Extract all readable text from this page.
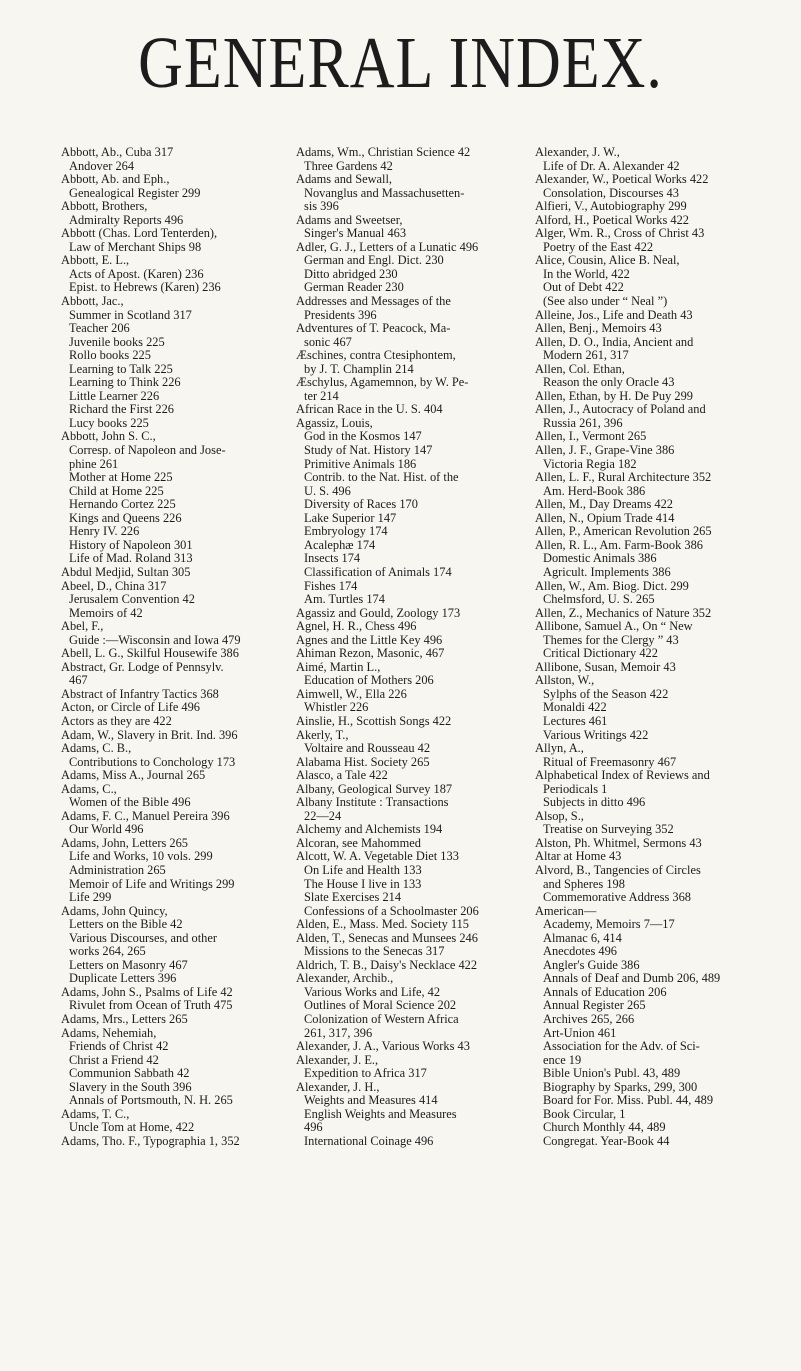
GENERAL INDEX.
Abbott, Ab., Cuba 317
Andover 264
Abbott, Ab. and Eph.,
Genealogical Register 299
Abbott, Brothers,
Admiralty Reports 496
Abbott (Chas. Lord Tenterden),
Law of Merchant Ships 98
Abbott, E. L.,
Acts of Apost. (Karen) 236
Epist. to Hebrews (Karen) 236
Abbott, Jac.,
Summer in Scotland 317
Teacher 206
Juvenile books 225
Rollo books 225
Learning to Talk 225
Learning to Think 226
Little Learner 226
Richard the First 226
Lucy books 225
Abbott, John S. C.,
Corresp. of Napoleon and Jose-
phine 261
Mother at Home 225
Child at Home 225
Hernando Cortez 225
Kings and Queens 226
Henry IV. 226
History of Napoleon 301
Life of Mad. Roland 313
Abdul Medjid, Sultan 305
Abeel, D., China 317
Jerusalem Convention 42
Memoirs of 42
Abel, F.,
Guide :—Wisconsin and Iowa 479
Abell, L. G., Skilful Housewife 386
Abstract, Gr. Lodge of Pennsylv.
467
Abstract of Infantry Tactics 368
Acton, or Circle of Life 496
Actors as they are 422
Adam, W., Slavery in Brit. Ind. 396
Adams, C. B.,
Contributions to Conchology 173
Adams, Miss A., Journal 265
Adams, C.,
Women of the Bible 496
Adams, F. C., Manuel Pereira 396
Our World 496
Adams, John, Letters 265
Life and Works, 10 vols. 299
Administration 265
Memoir of Life and Writings 299
Life 299
Adams, John Quincy,
Letters on the Bible 42
Various Discourses, and other
works 264, 265
Letters on Masonry 467
Duplicate Letters 396
Adams, John S., Psalms of Life 42
Rivulet from Ocean of Truth 475
Adams, Mrs., Letters 265
Adams, Nehemiah,
Friends of Christ 42
Christ a Friend 42
Communion Sabbath 42
Slavery in the South 396
Annals of Portsmouth, N. H. 265
Adams, T. C.,
Uncle Tom at Home, 422
Adams, Tho. F., Typographia 1, 352
Adams, Wm., Christian Science 42
Three Gardens 42
Adams and Sewall,
Novanglus and Massachusetten-
sis 396
Adams and Sweetser,
Singer's Manual 463
Adler, G. J., Letters of a Lunatic 496
German and Engl. Dict. 230
Ditto abridged 230
German Reader 230
Addresses and Messages of the
Presidents 396
Adventures of T. Peacock, Ma-
sonic 467
Æschines, contra Ctesiphontem,
by J. T. Champlin 214
Æschylus, Agamemnon, by W. Pe-
ter 214
African Race in the U. S. 404
Agassiz, Louis,
God in the Kosmos 147
Study of Nat. History 147
Primitive Animals 186
Contrib. to the Nat. Hist. of the
U. S. 496
Diversity of Races 170
Lake Superior 147
Embryology 174
Acalephæ 174
Insects 174
Classification of Animals 174
Fishes 174
Am. Turtles 174
Agassiz and Gould, Zoology 173
Agnel, H. R., Chess 496
Agnes and the Little Key 496
Ahiman Rezon, Masonic, 467
Aimé, Martin L.,
Education of Mothers 206
Aimwell, W., Ella 226
Whistler 226
Ainslie, H., Scottish Songs 422
Akerly, T.,
Voltaire and Rousseau 42
Alabama Hist. Society 265
Alasco, a Tale 422
Albany, Geological Survey 187
Albany Institute : Transactions
22—24
Alchemy and Alchemists 194
Alcoran, see Mahommed
Alcott, W. A. Vegetable Diet 133
On Life and Health 133
The House I live in 133
Slate Exercises 214
Confessions of a Schoolmaster 206
Alden, E., Mass. Med. Society 115
Alden, T., Senecas and Munsees 246
Missions to the Senecas 317
Aldrich, T. B., Daisy's Necklace 422
Alexander, Archib.,
Various Works and Life, 42
Outlines of Moral Science 202
Colonization of Western Africa
261, 317, 396
Alexander, J. A., Various Works 43
Alexander, J. E.,
Expedition to Africa 317
Alexander, J. H.,
Weights and Measures 414
English Weights and Measures
496
International Coinage 496
Alexander, J. W.,
Life of Dr. A. Alexander 42
Alexander, W., Poetical Works 422
Consolation, Discourses 43
Alfieri, V., Autobiography 299
Alford, H., Poetical Works 422
Alger, Wm. R., Cross of Christ 43
Poetry of the East 422
Alice, Cousin, Alice B. Neal,
In the World, 422
Out of Debt 422
(See also under “ Neal ”)
Alleine, Jos., Life and Death 43
Allen, Benj., Memoirs 43
Allen, D. O., India, Ancient and
Modern 261, 317
Allen, Col. Ethan,
Reason the only Oracle 43
Allen, Ethan, by H. De Puy 299
Allen, J., Autocracy of Poland and
Russia 261, 396
Allen, I., Vermont 265
Allen, J. F., Grape-Vine 386
Victoria Regia 182
Allen, L. F., Rural Architecture 352
Am. Herd-Book 386
Allen, M., Day Dreams 422
Allen, N., Opium Trade 414
Allen, P., American Revolution 265
Allen, R. L., Am. Farm-Book 386
Domestic Animals 386
Agricult. Implements 386
Allen, W., Am. Biog. Dict. 299
Chelmsford, U. S. 265
Allen, Z., Mechanics of Nature 352
Allibone, Samuel A., On “ New
Themes for the Clergy ” 43
Critical Dictionary 422
Allibone, Susan, Memoir 43
Allston, W.,
Sylphs of the Season 422
Monaldi 422
Lectures 461
Various Writings 422
Allyn, A.,
Ritual of Freemasonry 467
Alphabetical Index of Reviews and
Periodicals 1
Subjects in ditto 496
Alsop, S.,
Treatise on Surveying 352
Alston, Ph. Whitmel, Sermons 43
Altar at Home 43
Alvord, B., Tangencies of Circles
and Spheres 198
Commemorative Address 368
American—
Academy, Memoirs 7—17
Almanac 6, 414
Anecdotes 496
Angler's Guide 386
Annals of Deaf and Dumb 206, 489
Annals of Education 206
Annual Register 265
Archives 265, 266
Art-Union 461
Association for the Adv. of Sci-
ence 19
Bible Union's Publ. 43, 489
Biography by Sparks, 299, 300
Board for For. Miss. Publ. 44, 489
Book Circular, 1
Church Monthly 44, 489
Congregat. Year-Book 44
